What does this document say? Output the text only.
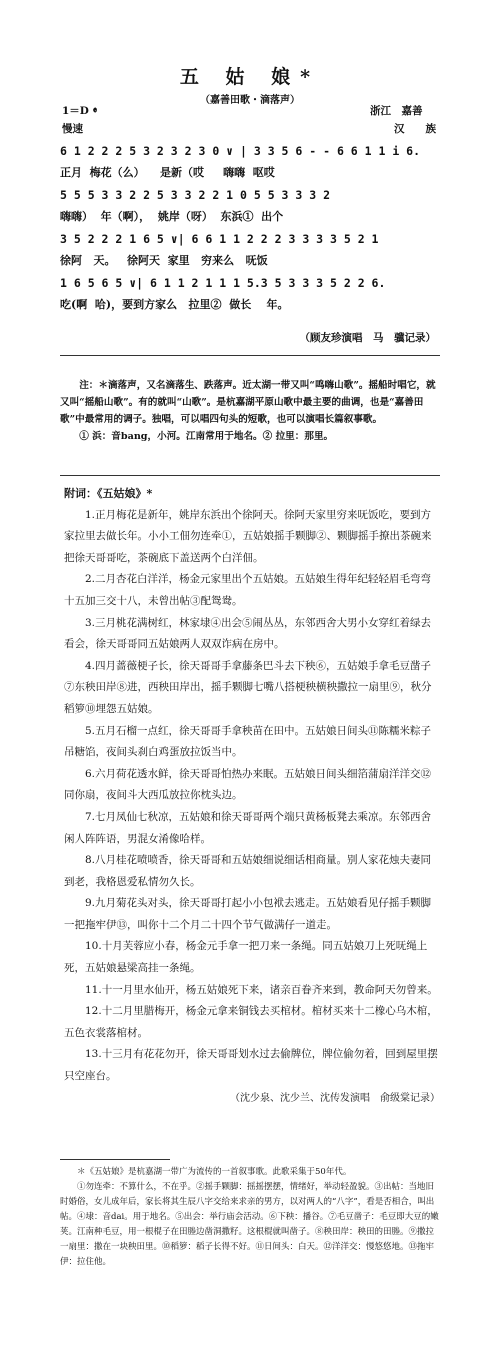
五 姑 娘*
（嘉善田歌・滴落声）
1＝D 𝄵
慢速
浙江　嘉善
汉　　族
6 1 2 2 2 5 3 2 3 2 3 0 ∨ | 3 3 5 6 - - 6 6 1 1 i 6.
正月  梅花（么）    是新（哎     嗨嗨  呕哎
5 5 5 3 3 2 2 5 3 3 2 2 1 0 5 5 3 3 3 2
嗨嗨）  年（啊），  姚岸（呀）  东浜①  出个
3 5 2 2 2 1 6 5 ∨| 6 6 1 1 2 2 2 3 3 3 3 5 2 1
徐阿   天。   徐阿天  家里   穷来么   呒饭
1 6 5 6 5 ∨| 6 1 1 2 1 1 1 5.3 5 3 3 3 5 2 2 6.
吃(啊  哈)，要到方家么   拉里②  做长    年。
（顾友珍演唱　马　骥记录）

注：＊滴落声，又名滴落生、跌落声。近太湖一带又叫“鸣嗨山歌”。摇船时唱它，就又叫“摇船山歌”。有的就叫“山歌”。是杭嘉湖平原山歌中最主要的曲调，也是“嘉善田歌”中最常用的调子。独唱，可以唱四句头的短歌，也可以演唱长篇叙事歌。

① 浜：音bang，小河。江南常用于地名。② 拉里：那里。

附词：《五姑娘》*

1.正月梅花是新年，姚岸东浜出个徐阿天。徐阿天家里穷来呒饭吃，要到方家拉里去做长年。小小工佃勿连牵①，五姑娘摇手颗脚②、颗脚摇手撩出茶碗来把徐天哥哥吃，茶碗底下盖送两个白洋佃。

2.二月杏花白洋洋，杨金元家里出个五姑娘。五姑娘生得年纪轻轻眉毛弯弯十五加三交十八，未曾出帖③配鸳鸯。

3.三月桃花满树红，林家埭④出会⑤闹丛丛，东邻西舍大男小女穿红着绿去看会，徐天哥哥同五姑娘两人双双诈病在房中。

4.四月蔷薇梗子长，徐天哥哥手拿藤条巴斗去下秧⑥，五姑娘手拿毛豆凿子⑦东秧田岸⑧进，西秧田岸出，摇手颗脚七嘴八搭梗秧横秧撒拉一扇里⑨，秋分稻箩⑩埋怨五姑娘。

5.五月石榴一点红，徐天哥哥手拿秧苗在田中。五姑娘日间头⑪陈糯米粽子吊糖馅，夜间头刹白鸡蛋放拉饭当中。

6.六月荷花透水鲜，徐天哥哥怕热办来眠。五姑娘日间头细箔蒲扇洋洋交⑫同你扇，夜间斗大西瓜放拉你枕头边。

7.七月凤仙七秋凉，五姑娘和徐天哥哥两个端只黄杨板凳去乘凉。东邻西舍闲人阵阵语，男混女淆像哈样。

8.八月桂花喷喷香，徐天哥哥和五姑娘细说细话相商量。别人家花烛夫妻同到老，我格恩爱私情勿久长。

9.九月菊花头对头，徐天哥哥打起小小包袱去逃走。五姑娘看见仔摇手颗脚一把拖牢伊⑬，叫你十二个月二十四个节气做满仔一道走。

10.十月芙蓉应小春，杨金元手拿一把刀来一条绳。同五姑娘刀上死呒绳上死，五姑娘悬梁高挂一条绳。

11.十一月里水仙开，杨五姑娘死下来，诸亲百眷齐来到，教命阿天勿曾来。

12.十二月里腊梅开，杨金元拿来铜钱去买棺材。棺材买来十二橡心乌木棺，五色衣裳落棺材。

13.十三月有花花勿开，徐天哥哥划水过去偷牌位，牌位偷勿着，回到屋里摆只空座台。

（沈少泉、沈少兰、沈传发演唱　俞级棠记录）

＊《五姑娘》是杭嘉湖一带广为流传的一首叙事歌。此歌采集于50年代。

①勿连牵：不算什么，不在乎。②摇手颗脚：摇摇摆摆，情绪好，举动轻盈貌。③出帖：当地旧时婚俗，女儿成年后，家长将其生辰八字交给来求亲的男方，以对两人的“八字”，看是否相合，叫出帖。④埭：音dai。用于地名。⑤出会：举行庙会活动。⑥下秧：播谷。⑦毛豆凿子：毛豆即大豆的嫩荚。江南种毛豆，用一根棍子在田塍边凿洞撒籽。这根棍就叫凿子。⑧秧田岸：秧田的田塍。⑨撒拉一扇里：撒在一块秧田里。⑩稻箩：稻子长得不好。⑪日间头：白天。⑫洋洋交：慢悠悠地。⑬拖牢伊：拉住他。
